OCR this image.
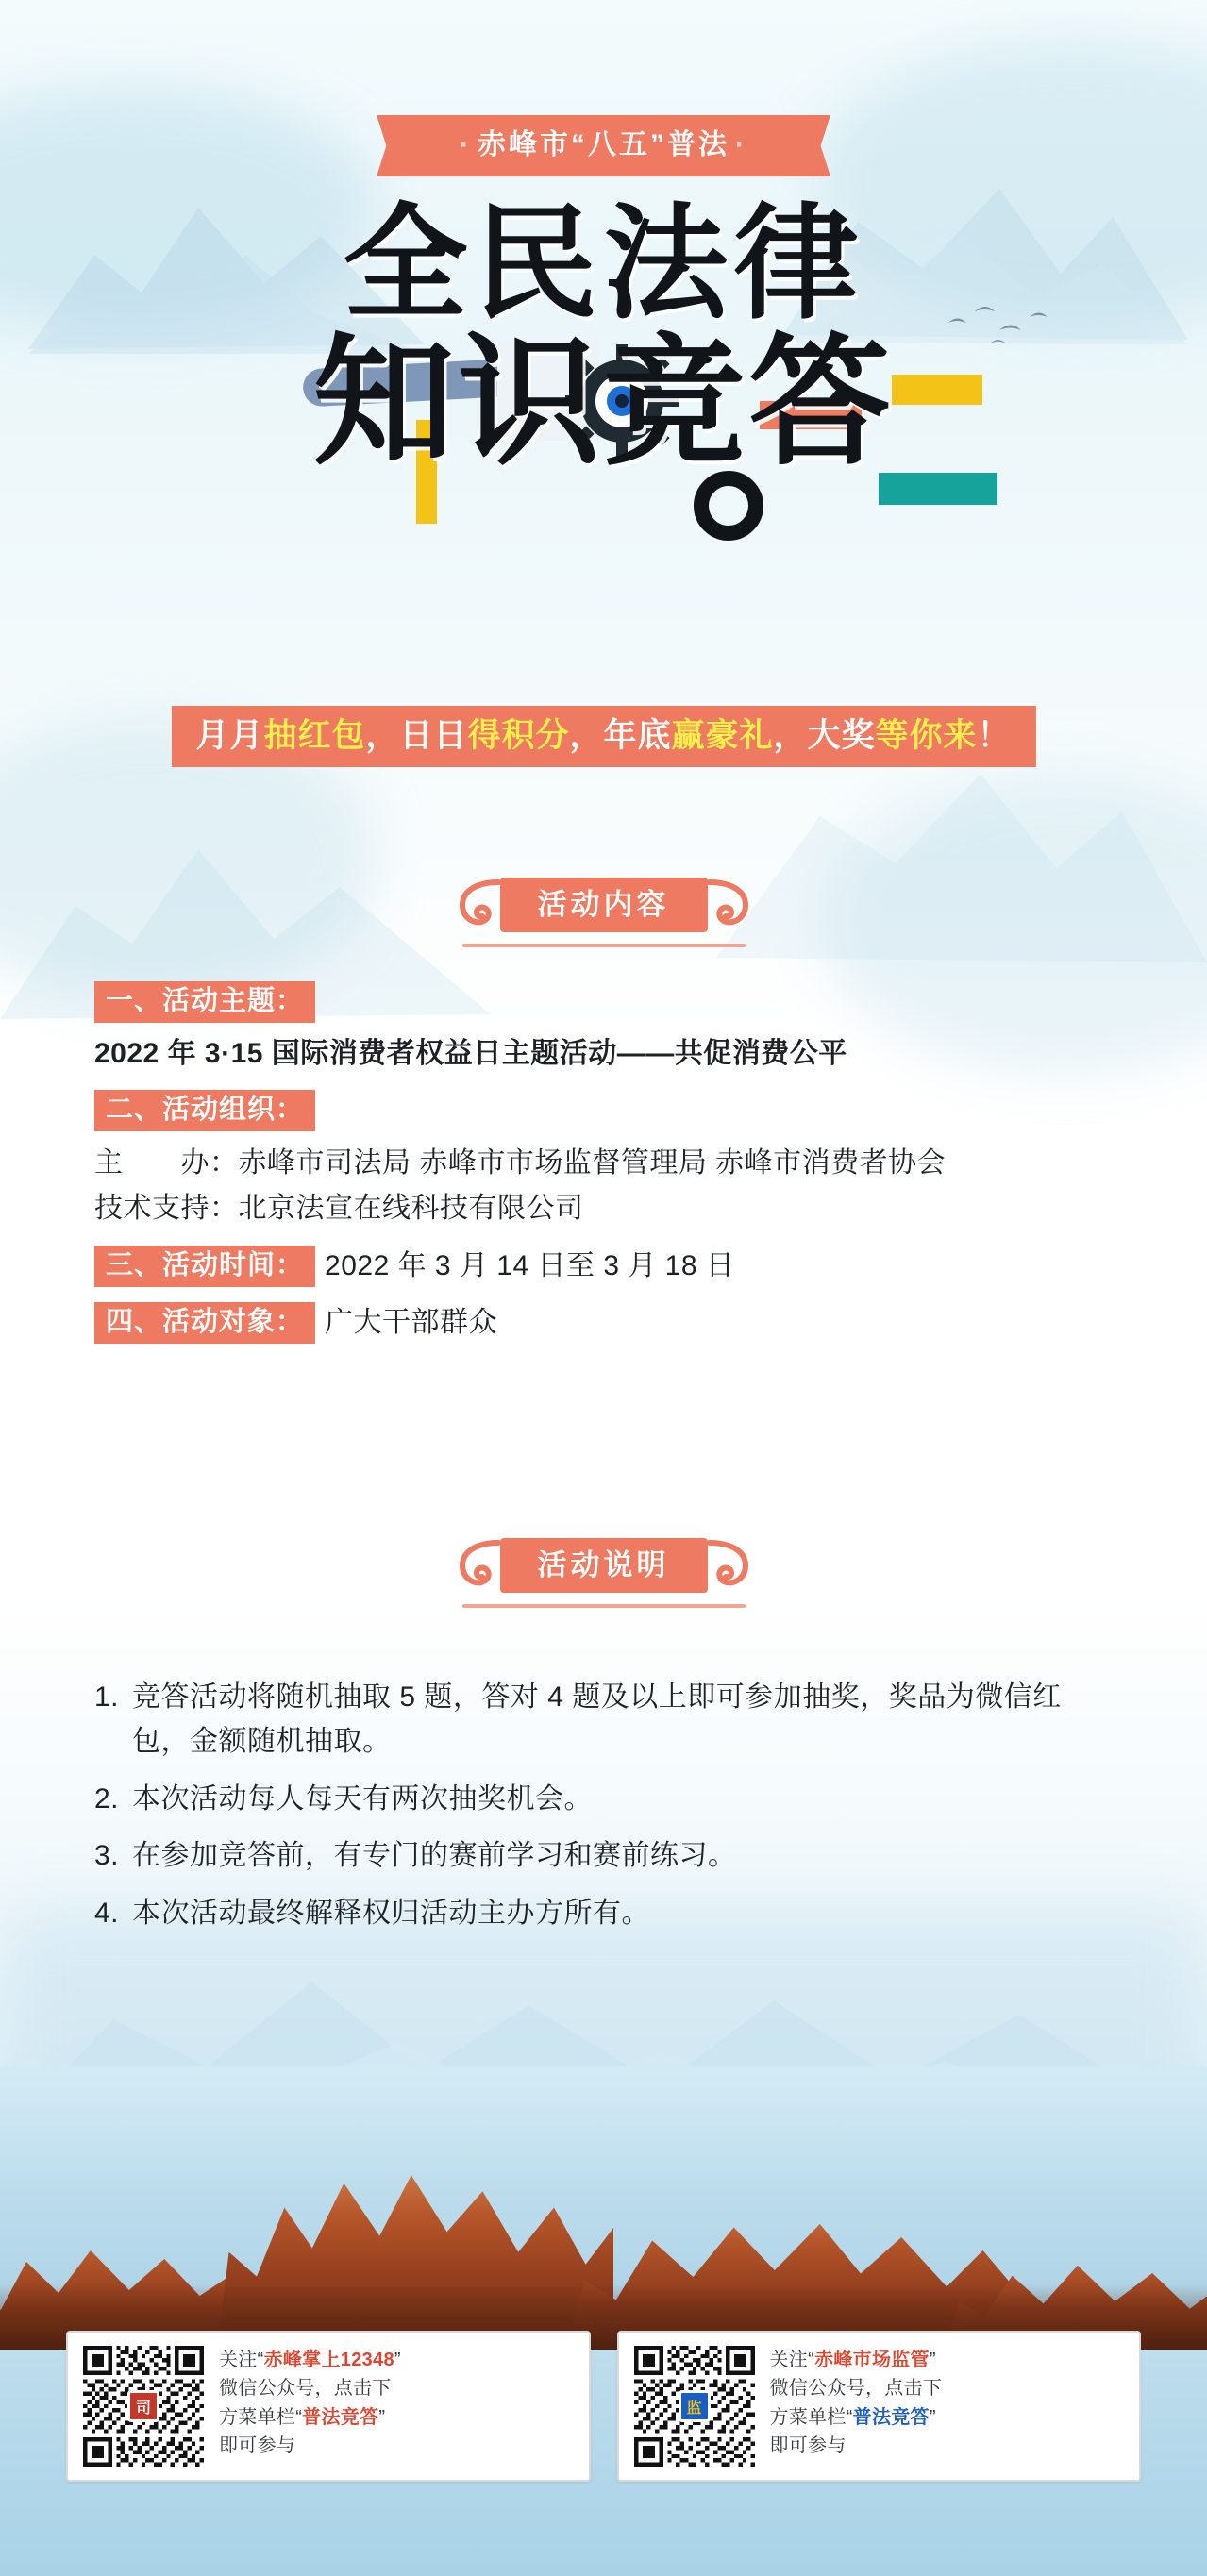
· 赤峰市“八五”普法 ·
全民法律
知识竞答
月月抽红包，日日得积分，年底赢豪礼，大奖等你来！
活动内容
一、活动主题：
2022 年 3·15 国际消费者权益日主题活动——共促消费公平
二、活动组织：
主　　办：赤峰市司法局 赤峰市市场监督管理局 赤峰市消费者协会
技术支持：北京法宣在线科技有限公司
三、活动时间： 2022 年 3 月 14 日至 3 月 18 日
四、活动对象： 广大干部群众
活动说明
1. 竞答活动将随机抽取 5 题，答对 4 题及以上即可参加抽奖，奖品为微信红包，金额随机抽取。
2. 本次活动每人每天有两次抽奖机会。
3. 在参加竞答前，有专门的赛前学习和赛前练习。
4. 本次活动最终解释权归活动主办方所有。
司
关注“赤峰掌上12348”
微信公众号，点击下
方菜单栏“普法竞答”
即可参与
监
关注“赤峰市场监管”
微信公众号，点击下
方菜单栏“普法竞答”
即可参与
